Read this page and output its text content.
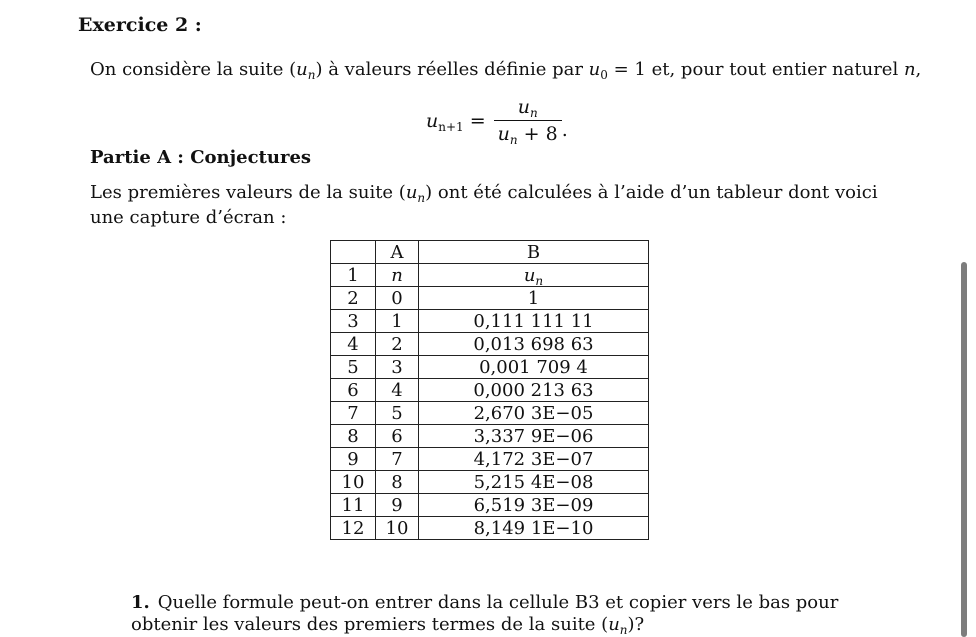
Exercice 2 :
On considère la suite $(u_n)$ à valeurs réelles définie par $u_0 = 1$ et, pour tout entier naturel n,
$u_{n+1} = \frac{u_n}{u_n + 8}$ .
Partie A : Conjectures
Les premières valeurs de la suite $(u_n)$ ont été calculées à l’aide d’un tableur dont voici une capture d’écran :
	A	B
1	n	$u_n$
2	0	1
3	1	0,111 111 11
4	2	0,013 698 63
5	3	0,001 709 4
6	4	0,000 213 63
7	5	2,670 3E−05
8	6	3,337 9E−06
9	7	4,172 3E−07
10	8	5,215 4E−08
11	9	6,519 3E−09
12	10	8,149 1E−10
1. Quelle formule peut-on entrer dans la cellule B3 et copier vers le bas pour obtenir les valeurs des premiers termes de la suite $(u_n)$?
